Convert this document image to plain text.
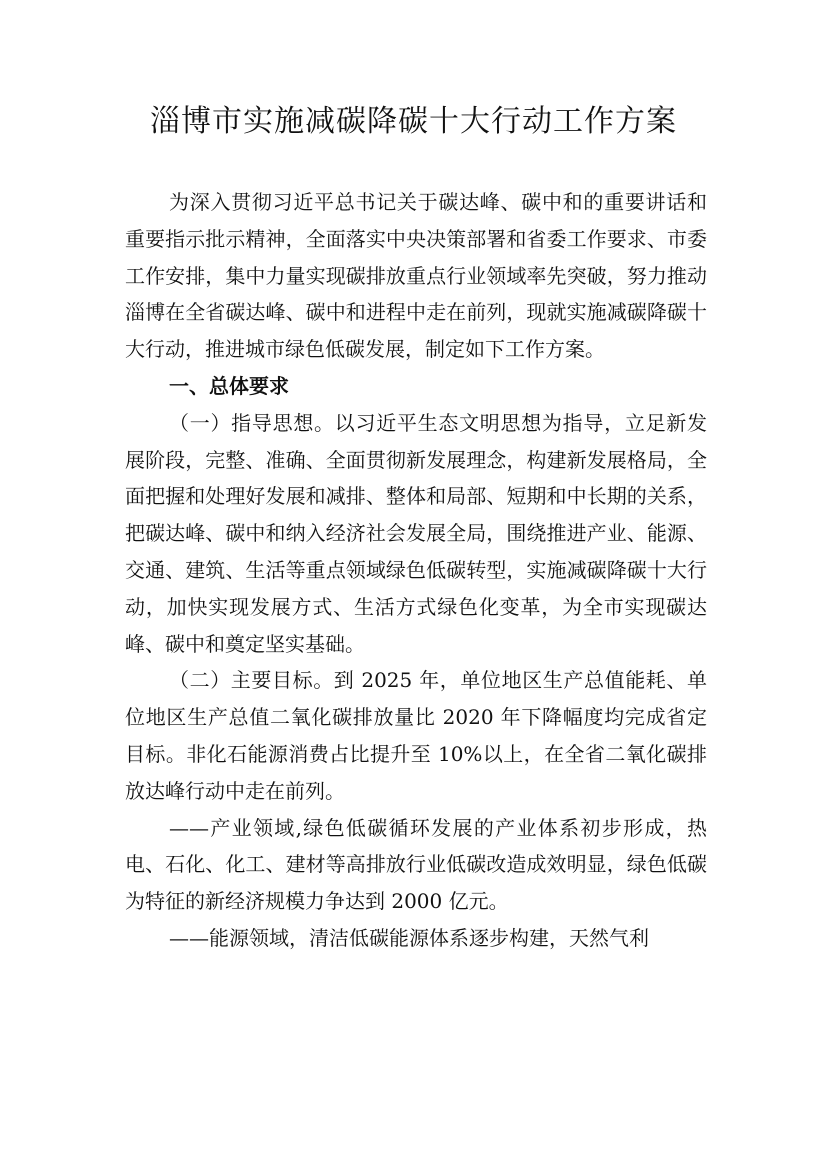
淄博市实施减碳降碳十大行动工作方案

为深入贯彻习近平总书记关于碳达峰、碳中和的重要讲话和重要指示批示精神，全面落实中央决策部署和省委工作要求、市委工作安排，集中力量实现碳排放重点行业领域率先突破，努力推动淄博在全省碳达峰、碳中和进程中走在前列，现就实施减碳降碳十大行动，推进城市绿色低碳发展，制定如下工作方案。

一、总体要求

（一）指导思想。以习近平生态文明思想为指导，立足新发展阶段，完整、准确、全面贯彻新发展理念，构建新发展格局，全面把握和处理好发展和减排、整体和局部、短期和中长期的关系，把碳达峰、碳中和纳入经济社会发展全局，围绕推进产业、能源、交通、建筑、生活等重点领域绿色低碳转型，实施减碳降碳十大行动，加快实现发展方式、生活方式绿色化变革，为全市实现碳达峰、碳中和奠定坚实基础。

（二）主要目标。到 2025 年，单位地区生产总值能耗、单位地区生产总值二氧化碳排放量比 2020 年下降幅度均完成省定目标。非化石能源消费占比提升至 10%以上，在全省二氧化碳排放达峰行动中走在前列。

——产业领域,绿色低碳循环发展的产业体系初步形成，热电、石化、化工、建材等高排放行业低碳改造成效明显，绿色低碳为特征的新经济规模力争达到 2000 亿元。

——能源领域，清洁低碳能源体系逐步构建，天然气利
